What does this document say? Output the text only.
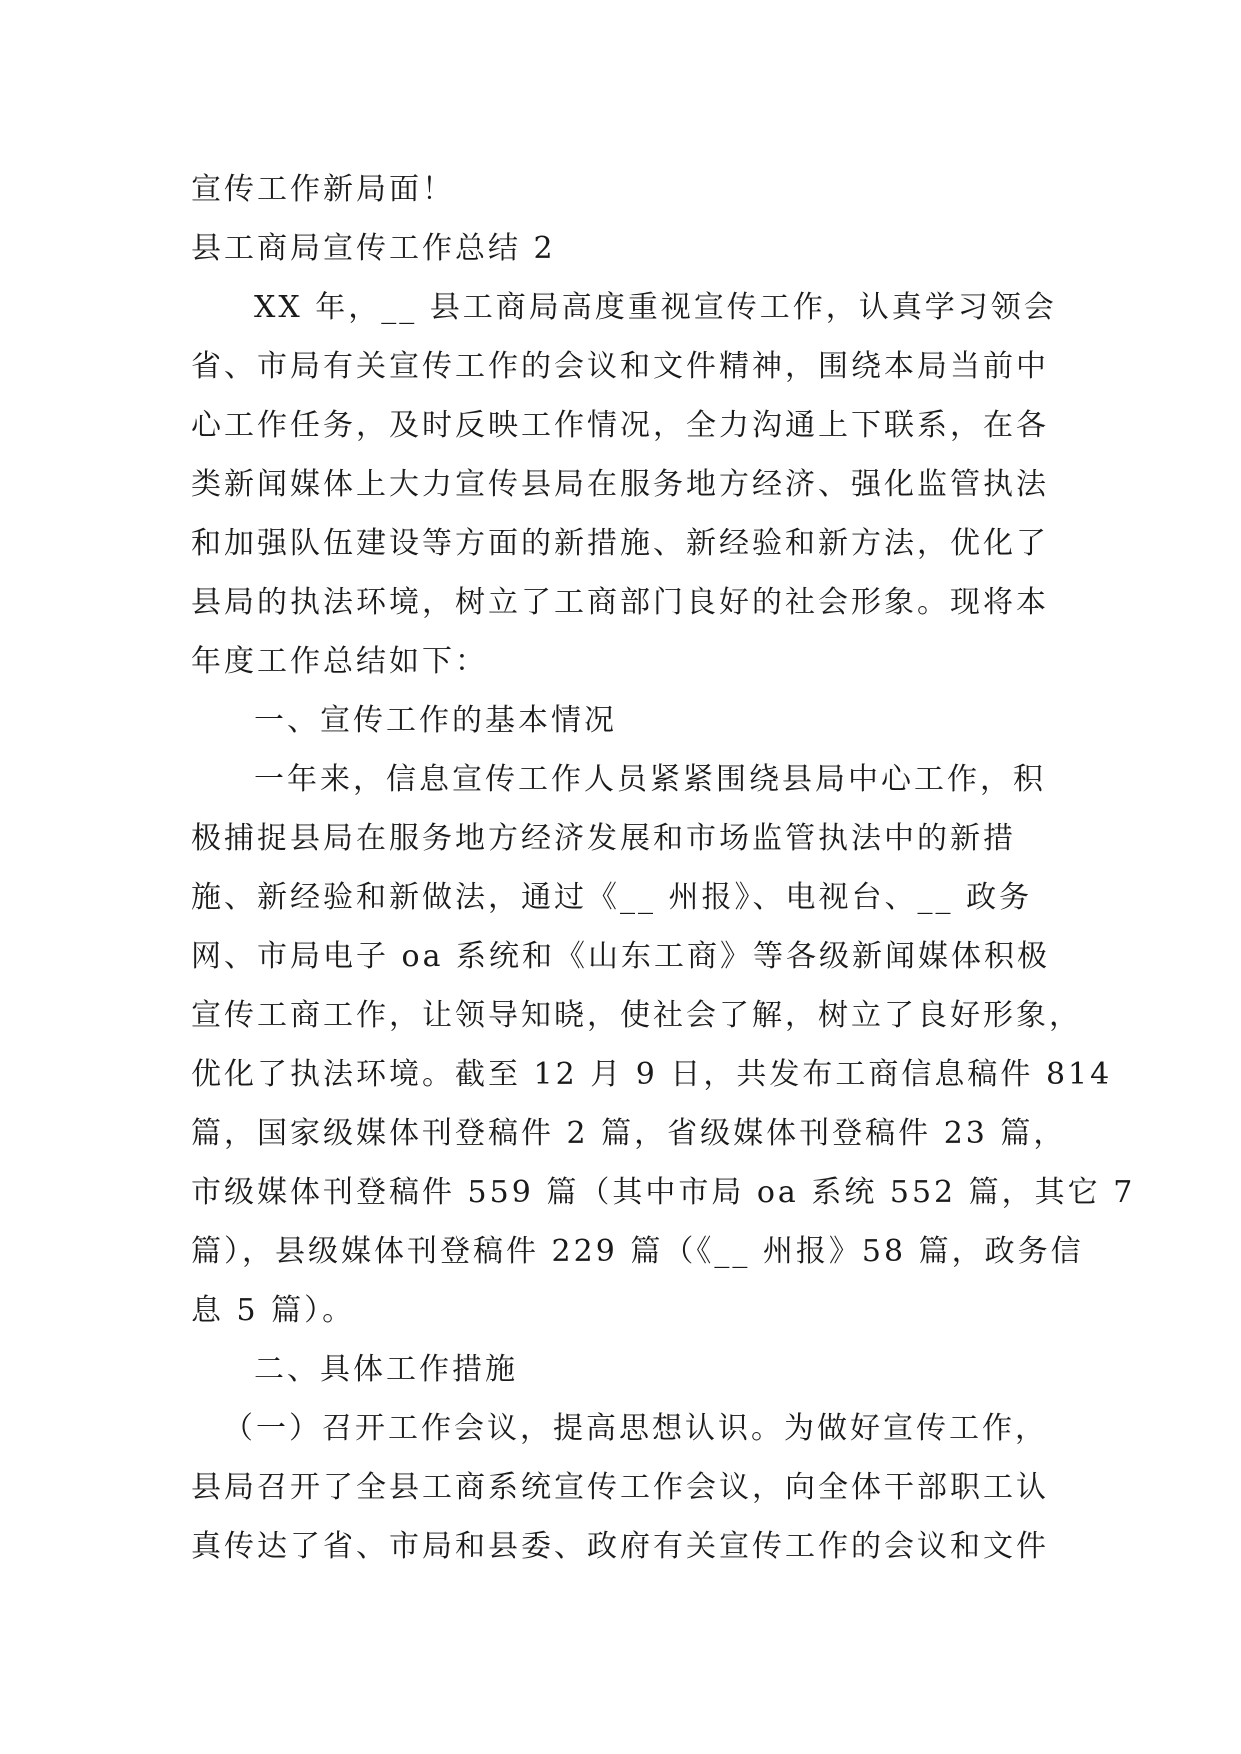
宣传工作新局面！

县工商局宣传工作总结 2

XX 年，__ 县工商局高度重视宣传工作，认真学习领会

省、市局有关宣传工作的会议和文件精神，围绕本局当前中

心工作任务，及时反映工作情况，全力沟通上下联系，在各

类新闻媒体上大力宣传县局在服务地方经济、强化监管执法

和加强队伍建设等方面的新措施、新经验和新方法，优化了

县局的执法环境，树立了工商部门良好的社会形象。现将本

年度工作总结如下：

一、宣传工作的基本情况

一年来，信息宣传工作人员紧紧围绕县局中心工作，积

极捕捉县局在服务地方经济发展和市场监管执法中的新措

施、新经验和新做法，通过《__ 州报》、电视台、__ 政务

网、市局电子 oa 系统和《山东工商》等各级新闻媒体积极

宣传工商工作，让领导知晓，使社会了解，树立了良好形象，

优化了执法环境。截至 12 月 9 日，共发布工商信息稿件 814

篇，国家级媒体刊登稿件 2 篇，省级媒体刊登稿件 23 篇，

市级媒体刊登稿件 559 篇（其中市局 oa 系统 552 篇，其它 7

篇），县级媒体刊登稿件 229 篇（《__ 州报》58 篇，政务信

息 5 篇）。

二、具体工作措施

（一）召开工作会议，提高思想认识。为做好宣传工作，

县局召开了全县工商系统宣传工作会议，向全体干部职工认

真传达了省、市局和县委、政府有关宣传工作的会议和文件
